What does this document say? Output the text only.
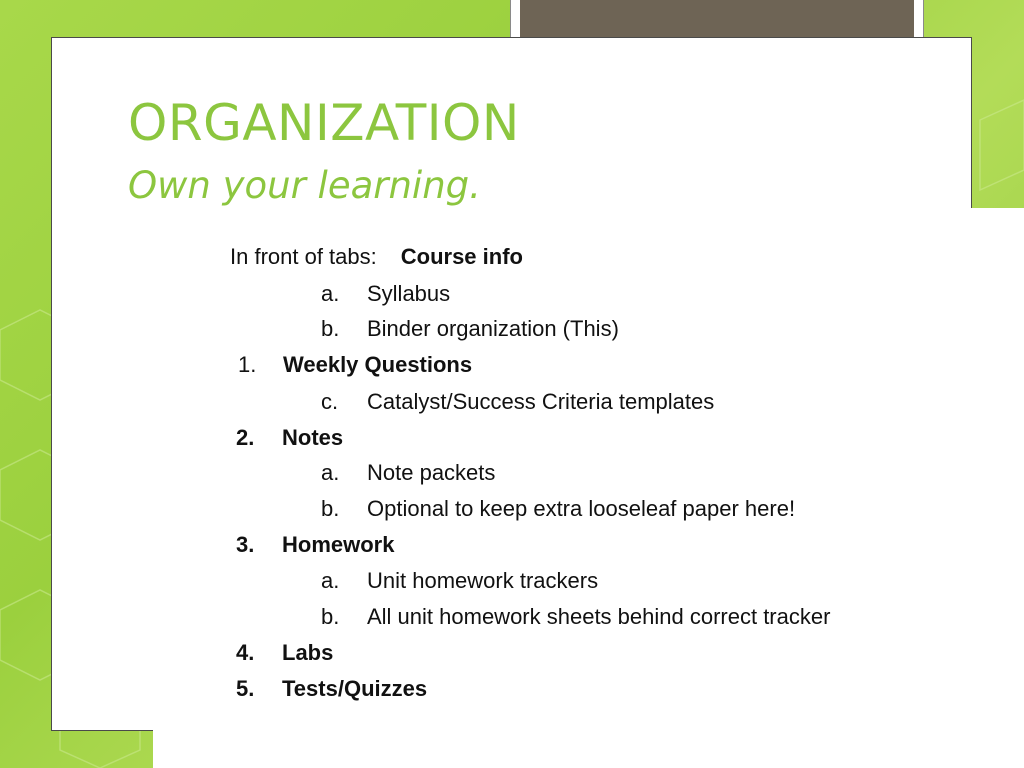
ORGANIZATION
Own your learning.
In front of tabs: Course info
a. Syllabus
b. Binder organization (This)
1. Weekly Questions
c. Catalyst/Success Criteria templates
2. Notes
a. Note packets
b. Optional to keep extra looseleaf paper here!
3. Homework
a. Unit homework trackers
b. All unit homework sheets behind correct tracker
4. Labs
5. Tests/Quizzes
